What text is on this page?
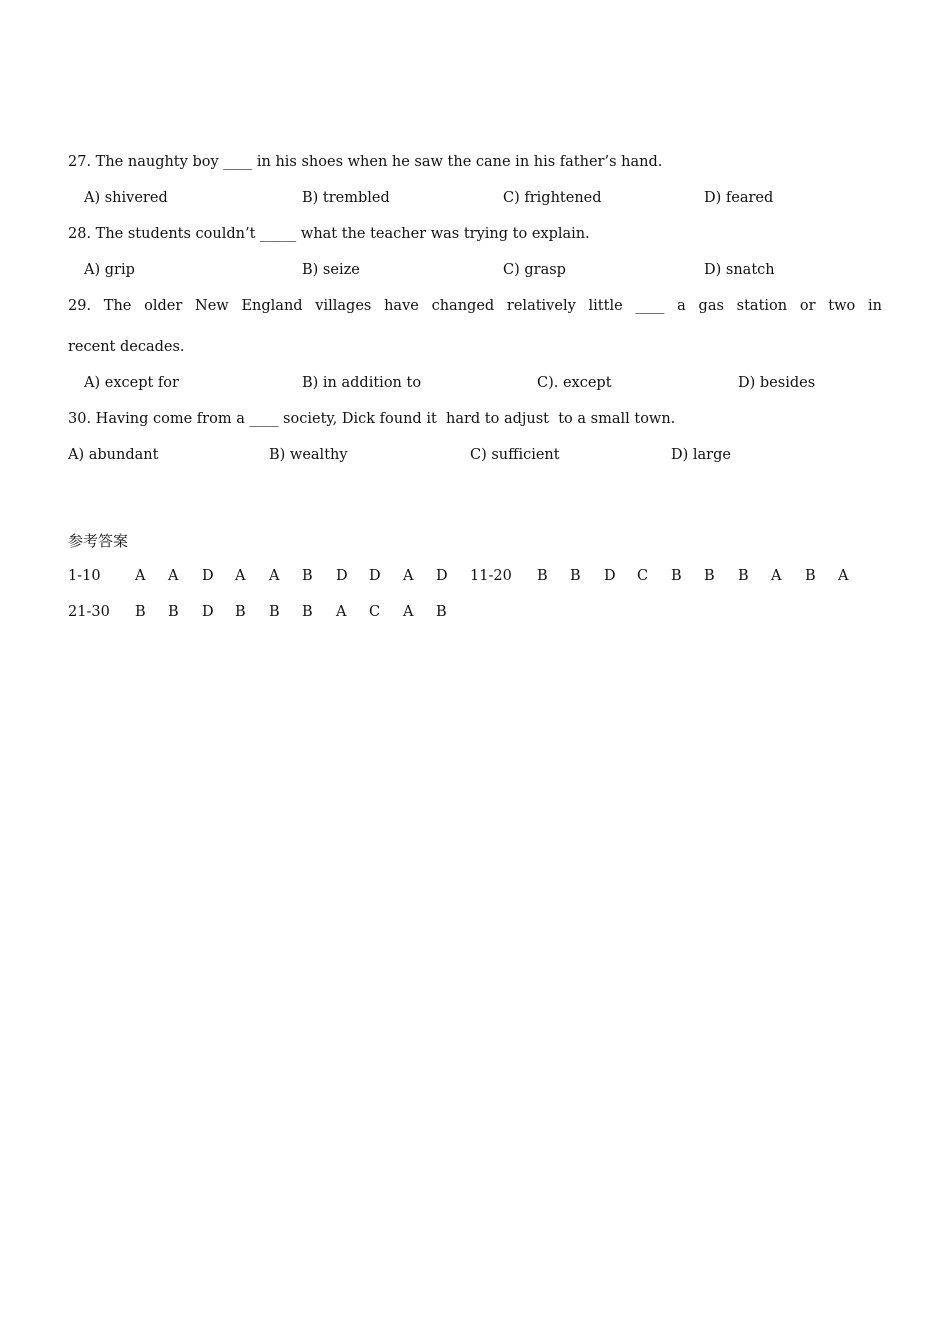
27. The naughty boy ____ in his shoes when he saw the cane in his father’s hand.
A) shivered	B) trembled	C) frightened	D) feared
28. The students couldn’t _____ what the teacher was trying to explain.
A) grip	B) seize	C) grasp	D) snatch
29. The older New England villages have changed relatively little ____ a gas station or two in
recent decades.
A) except for	B) in addition to	C). except	D) besides
30. Having come from a ____ society, Dick found it  hard to adjust  to a small town.
A) abundant	B) wealthy	C) sufficient	D) large
参考答案
1-10 A A D A A B D D A D 11-20 B B D C B B B A B A
21-30 B B D B B B A C A B
